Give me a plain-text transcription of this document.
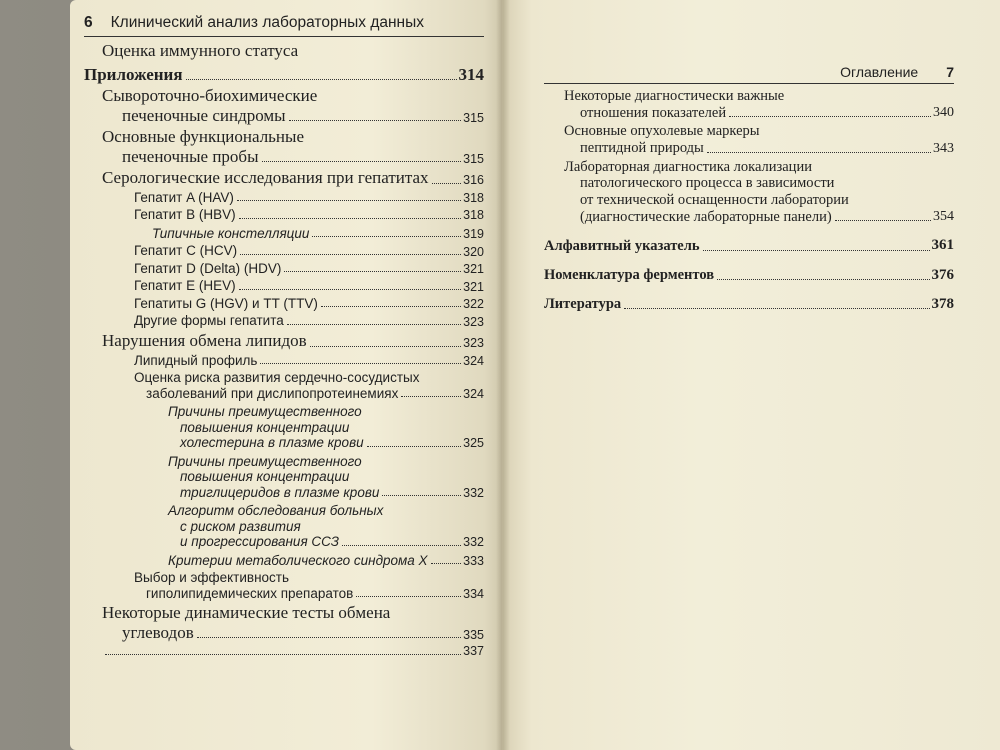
6 Клинический анализ лабораторных данных
Оценка иммунного статуса
Приложения	314
Сывороточно-биохимические
печеночные синдромы	315
Основные функциональные
печеночные пробы	315
Серологические исследования при гепатитах	316
Гепатит A (HAV)	318
Гепатит B (HBV)	318
Типичные констелляции	319
Гепатит C (HCV)	320
Гепатит D (Delta) (HDV)	321
Гепатит E (HEV)	321
Гепатиты G (HGV) и TT (TTV)	322
Другие формы гепатита	323
Нарушения обмена липидов	323
Липидный профиль	324
Оценка риска развития сердечно-сосудистых
заболеваний при дислипопротеинемиях	324
Причины преимущественного
повышения концентрации
холестерина в плазме крови	325
Причины преимущественного
повышения концентрации
триглицеридов в плазме крови	332
Алгоритм обследования больных
с риском развития
и прогрессирования ССЗ	332
Критерии метаболического синдрома X	333
Выбор и эффективность
гиполипидемических препаратов	334
Некоторые динамические тесты обмена
углеводов	335
337
Оглавление 7
Некоторые диагностически важные
отношения показателей	340
Основные опухолевые маркеры
пептидной природы	343
Лабораторная диагностика локализации
патологического процесса в зависимости
от технической оснащенности лаборатории
(диагностические лабораторные панели)	354
Алфавитный указатель	361
Номенклатура ферментов	376
Литература	378
